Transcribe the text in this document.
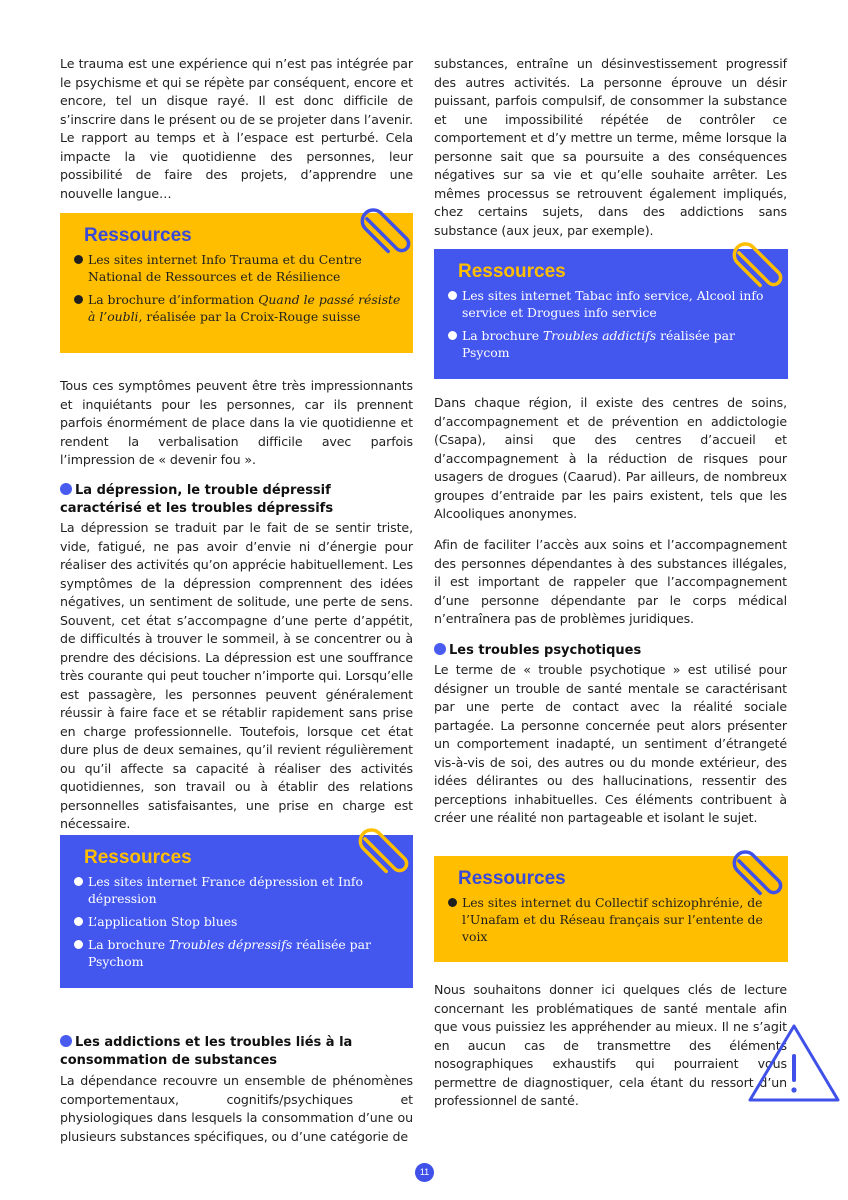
Le trauma est une expérience qui n’est pas intégrée par le psychisme et qui se répète par conséquent, encore et encore, tel un disque rayé. Il est donc difficile de s’inscrire dans le présent ou de se projeter dans l’avenir. Le rapport au temps et à l’espace est perturbé. Cela impacte la vie quotidienne des personnes, leur possibilité de faire des projets, d’apprendre une nouvelle langue…

Ressources

Les sites internet Info Trauma et du Centre National de Ressources et de Résilience
La brochure d’information Quand le passé résiste à l’oubli, réalisée par la Croix-Rouge suisse

Tous ces symptômes peuvent être très impressionnants et inquiétants pour les personnes, car ils prennent parfois énormément de place dans la vie quotidienne et rendent la verbalisation difficile avec parfois l’impression de « devenir fou ».

La dépression, le trouble dépressif caractérisé et les troubles dépressifs

La dépression se traduit par le fait de se sentir triste, vide, fatigué, ne pas avoir d’envie ni d’énergie pour réaliser des activités qu’on apprécie habituellement. Les symptômes de la dépression comprennent des idées négatives, un sentiment de solitude, une perte de sens. Souvent, cet état s’accompagne d’une perte d’appétit, de difficultés à trouver le sommeil, à se concentrer ou à prendre des décisions. La dépression est une souffrance très courante qui peut toucher n’importe qui. Lorsqu’elle est passagère, les personnes peuvent généralement réussir à faire face et se rétablir rapidement sans prise en charge professionnelle. Toutefois, lorsque cet état dure plus de deux semaines, qu’il revient régulièrement ou qu’il affecte sa capacité à réaliser des activités quotidiennes, son travail ou à établir des relations personnelles satisfaisantes, une prise en charge est nécessaire.

Ressources

Les sites internet France dépression et Info dépression
L’application Stop blues
La brochure Troubles dépressifs réalisée par Psychom

Les addictions et les troubles liés à la consommation de substances

La dépendance recouvre un ensemble de phénomènes comportementaux, cognitifs/psychiques et physiologiques dans lesquels la consommation d’une ou plusieurs substances spécifiques, ou d’une catégorie de

substances, entraîne un désinvestissement progressif des autres activités. La personne éprouve un désir puissant, parfois compulsif, de consommer la substance et une impossibilité répétée de contrôler ce comportement et d’y mettre un terme, même lorsque la personne sait que sa poursuite a des conséquences négatives sur sa vie et qu’elle souhaite arrêter. Les mêmes processus se retrouvent également impliqués, chez certains sujets, dans des addictions sans substance (aux jeux, par exemple).

Ressources

Les sites internet Tabac info service, Alcool info service et Drogues info service
La brochure Troubles addictifs réalisée par Psycom

Dans chaque région, il existe des centres de soins, d’accompagnement et de prévention en addictologie (Csapa), ainsi que des centres d’accueil et d’accompagnement à la réduction de risques pour usagers de drogues (Caarud). Par ailleurs, de nombreux groupes d’entraide par les pairs existent, tels que les Alcooliques anonymes.

Afin de faciliter l’accès aux soins et l’accompagnement des personnes dépendantes à des substances illégales, il est important de rappeler que l’accompagnement d’une personne dépendante par le corps médical n’entraînera pas de problèmes juridiques.

Les troubles psychotiques

Le terme de « trouble psychotique » est utilisé pour désigner un trouble de santé mentale se caractérisant par une perte de contact avec la réalité sociale partagée. La personne concernée peut alors présenter un comportement inadapté, un sentiment d’étrangeté vis-à-vis de soi, des autres ou du monde extérieur, des idées délirantes ou des hallucinations, ressentir des perceptions inhabituelles. Ces éléments contribuent à créer une réalité non partageable et isolant le sujet.

Ressources

Les sites internet du Collectif schizophrénie, de l’Unafam et du Réseau français sur l’entente de voix

Nous souhaitons donner ici quelques clés de lecture concernant les problématiques de santé mentale afin que vous puissiez les appréhender au mieux. Il ne s’agit en aucun cas de transmettre des éléments nosographiques exhaustifs qui pourraient vous permettre de diagnostiquer, cela étant du ressort d’un professionnel de santé.

11
